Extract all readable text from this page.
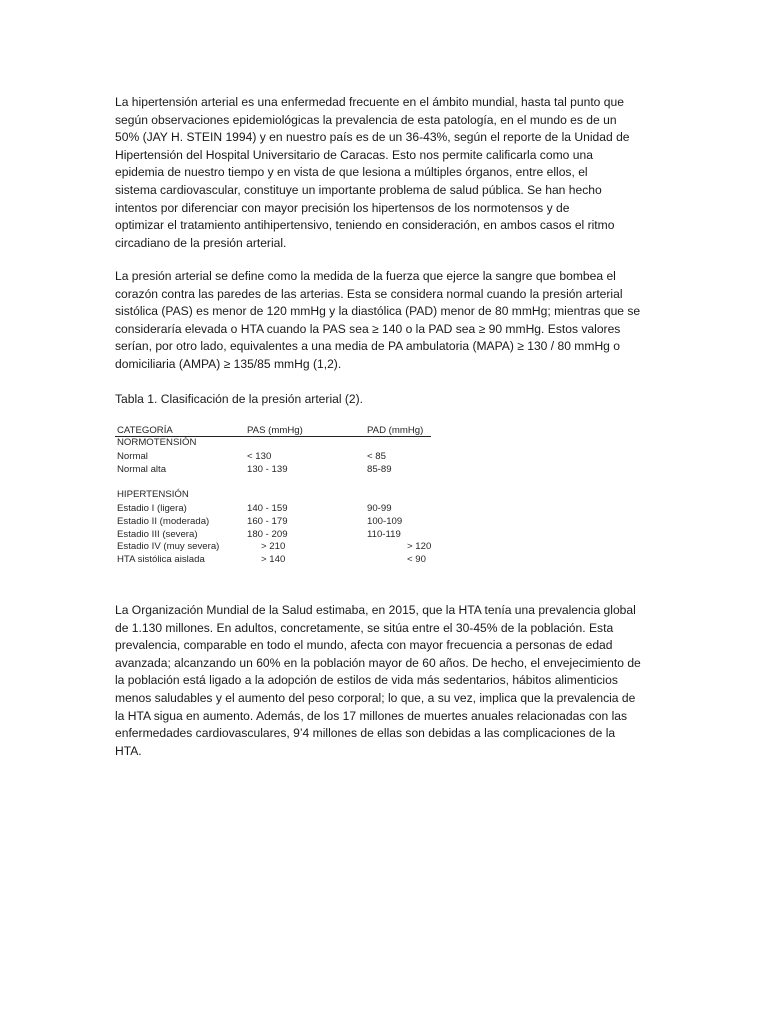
La hipertensión arterial es una enfermedad frecuente en el ámbito mundial, hasta tal punto que
según observaciones epidemiológicas la prevalencia de esta patología, en el mundo es de un
50% (JAY H. STEIN 1994) y en nuestro país es de un 36-43%, según el reporte de la Unidad de
Hipertensión del Hospital Universitario de Caracas. Esto nos permite calificarla como una
epidemia de nuestro tiempo y en vista de que lesiona a múltiples órganos, entre ellos, el
sistema cardiovascular, constituye un importante problema de salud pública. Se han hecho
intentos por diferenciar con mayor precisión los hipertensos de los normotensos y de
optimizar el tratamiento antihipertensivo, teniendo en consideración, en ambos casos el ritmo
circadiano de la presión arterial.

La presión arterial se define como la medida de la fuerza que ejerce la sangre que bombea el
corazón contra las paredes de las arterias. Esta se considera normal cuando la presión arterial
sistólica (PAS) es menor de 120 mmHg y la diastólica (PAD) menor de 80 mmHg; mientras que se
consideraría elevada o HTA cuando la PAS sea ≥ 140 o la PAD sea ≥ 90 mmHg. Estos valores
serían, por otro lado, equivalentes a una media de PA ambulatoria (MAPA) ≥ 130 / 80 mmHg o
domiciliaria (AMPA) ≥ 135/85 mmHg (1,2).

Tabla 1. Clasificación de la presión arterial (2).

CATEGORÍA	PAS (mmHg)	PAD (mmHg)
NORMOTENSIÓN
Normal	< 130	< 85
Normal alta	130 - 139	85-89
HIPERTENSIÓN
Estadio I (ligera)	140 - 159	90-99
Estadio II (moderada)	160 - 179	100-109
Estadio III (severa)	180 - 209	110-119
Estadio IV (muy severa)	> 210	> 120
HTA sistólica aislada	> 140	< 90

La Organización Mundial de la Salud estimaba, en 2015, que la HTA tenía una prevalencia global
de 1.130 millones. En adultos, concretamente, se sitúa entre el 30-45% de la población. Esta
prevalencia, comparable en todo el mundo, afecta con mayor frecuencia a personas de edad
avanzada; alcanzando un 60% en la población mayor de 60 años. De hecho, el envejecimiento de
la población está ligado a la adopción de estilos de vida más sedentarios, hábitos alimenticios
menos saludables y el aumento del peso corporal; lo que, a su vez, implica que la prevalencia de
la HTA sigua en aumento. Además, de los 17 millones de muertes anuales relacionadas con las
enfermedades cardiovasculares, 9’4 millones de ellas son debidas a las complicaciones de la
HTA.
